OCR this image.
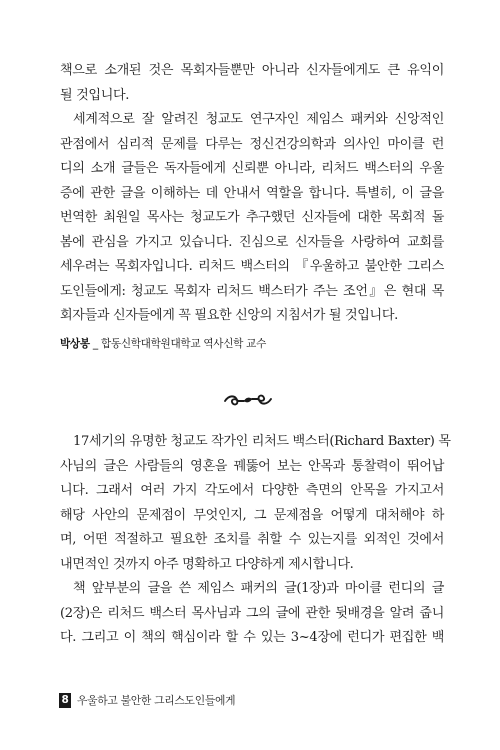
책으로 소개된 것은 목회자들뿐만 아니라 신자들에게도 큰 유익이
될 것입니다.
세계적으로 잘 알려진 청교도 연구자인 제임스 패커와 신앙적인
관점에서 심리적 문제를 다루는 정신건강의학과 의사인 마이클 런
디의 소개 글들은 독자들에게 신뢰뿐 아니라, 리처드 백스터의 우울
증에 관한 글을 이해하는 데 안내서 역할을 합니다. 특별히, 이 글을
번역한 최원일 목사는 청교도가 추구했던 신자들에 대한 목회적 돌
봄에 관심을 가지고 있습니다. 진심으로 신자들을 사랑하여 교회를
세우려는 목회자입니다. 리처드 백스터의 『우울하고 불안한 그리스
도인들에게: 청교도 목회자 리처드 백스터가 주는 조언』은 현대 목
회자들과 신자들에게 꼭 필요한 신앙의 지침서가 될 것입니다.
박상봉 _ 합동신학대학원대학교 역사신학 교수
17세기의 유명한 청교도 작가인 리처드 백스터(Richard Baxter) 목
사님의 글은 사람들의 영혼을 꿰뚫어 보는 안목과 통찰력이 뛰어납
니다. 그래서 여러 가지 각도에서 다양한 측면의 안목을 가지고서
해당 사안의 문제점이 무엇인지, 그 문제점을 어떻게 대처해야 하
며, 어떤 적절하고 필요한 조치를 취할 수 있는지를 외적인 것에서
내면적인 것까지 아주 명확하고 다양하게 제시합니다.
책 앞부분의 글을 쓴 제임스 패커의 글(1장)과 마이클 런디의 글
(2장)은 리처드 백스터 목사님과 그의 글에 관한 뒷배경을 알려 줍니
다. 그리고 이 책의 핵심이라 할 수 있는 3~4장에 런디가 편집한 백
8 우울하고 불안한 그리스도인들에게
